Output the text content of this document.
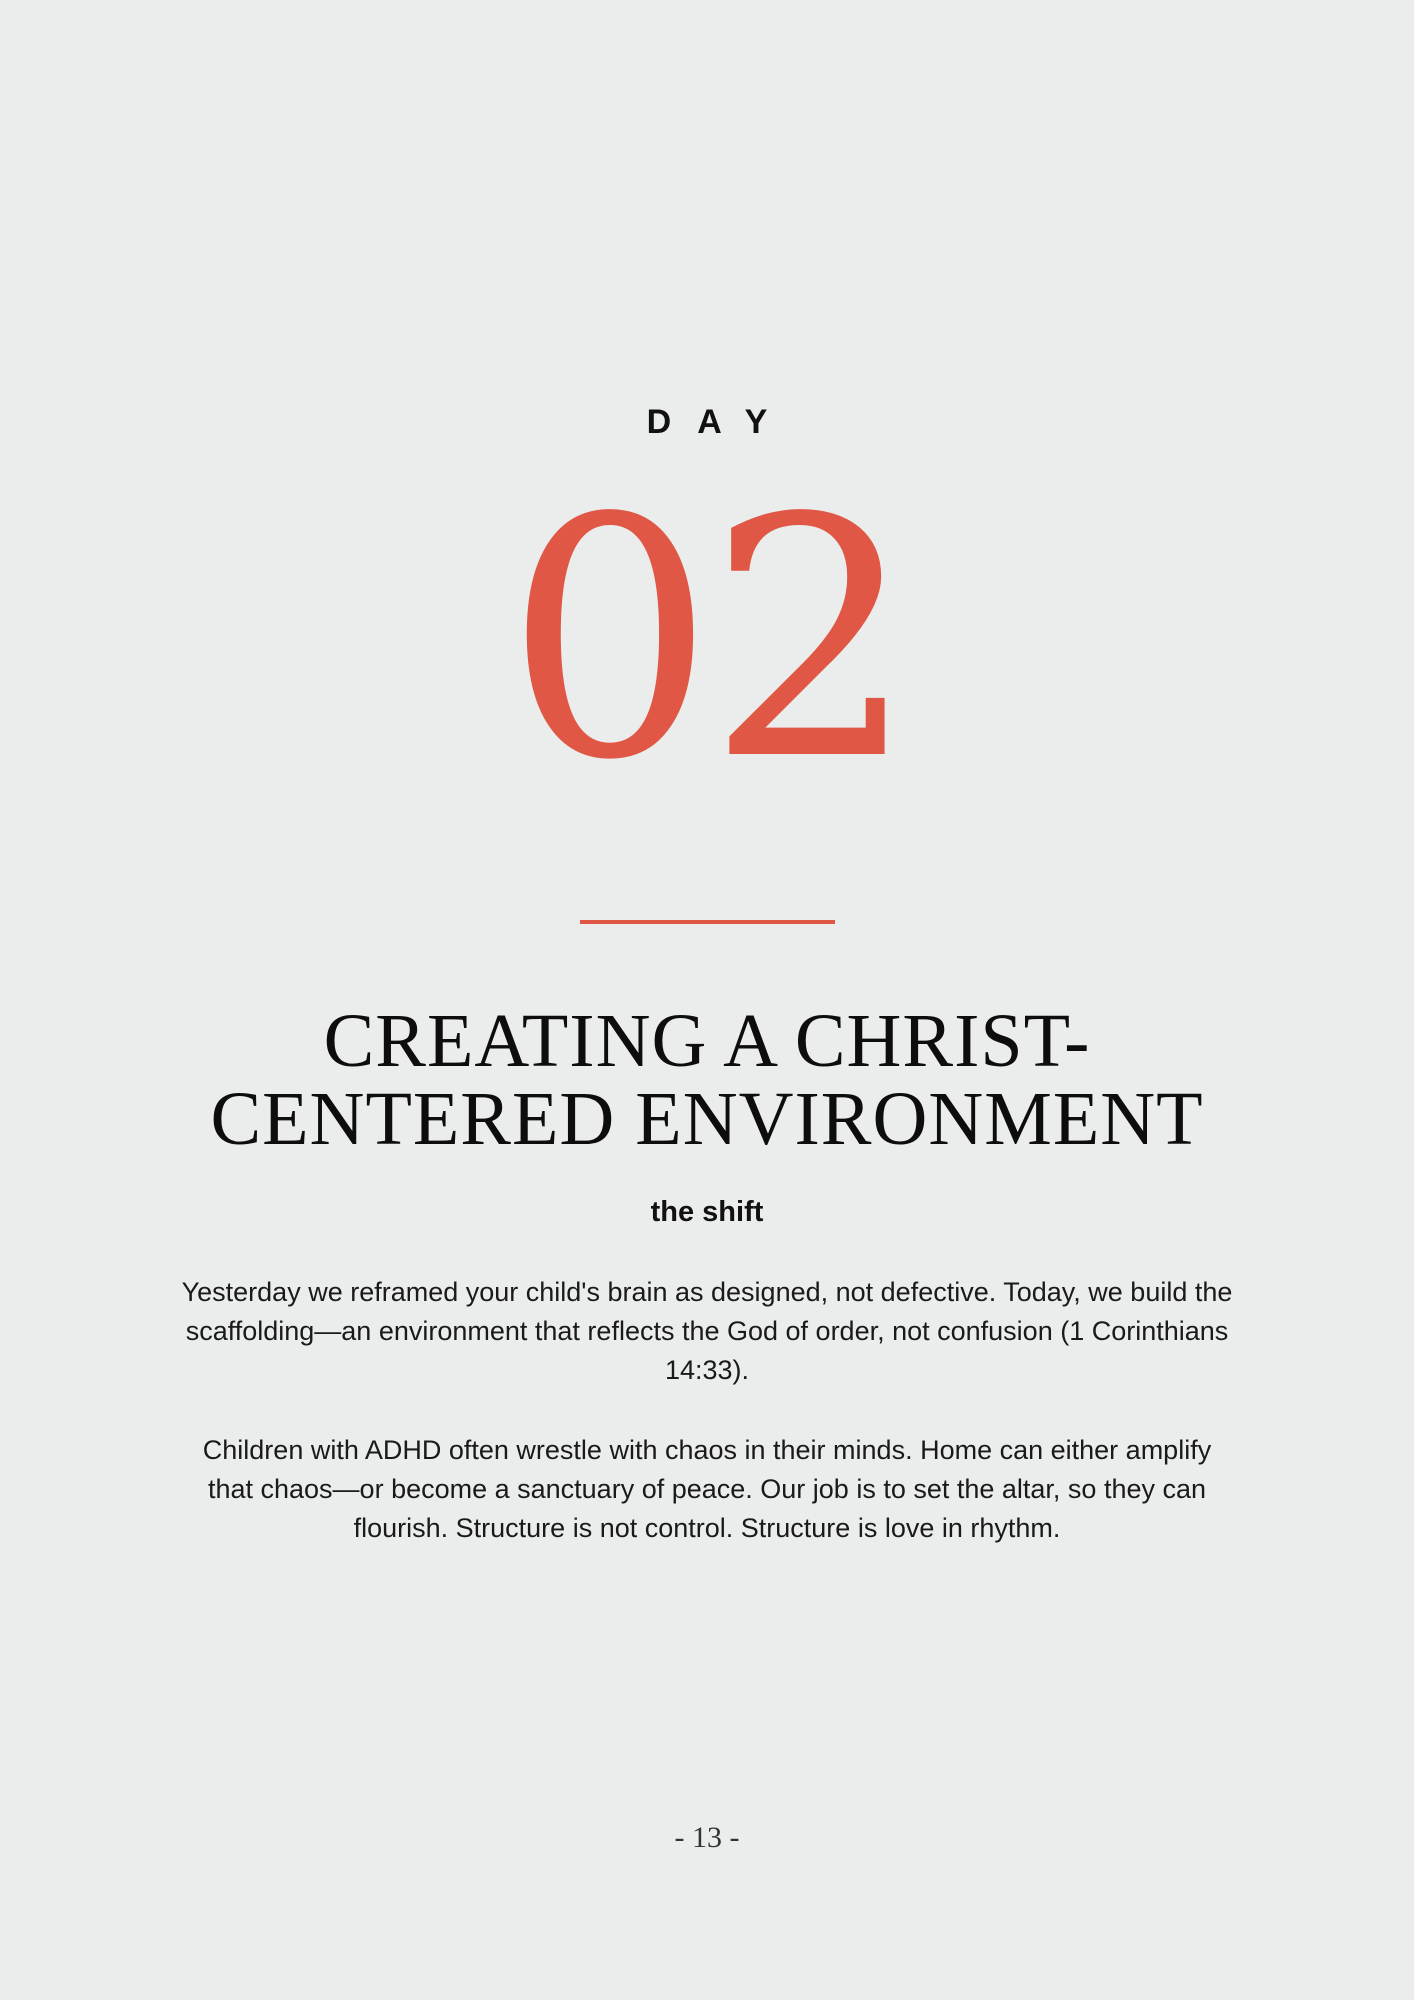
DAY
02
CREATING A CHRIST-
CENTERED ENVIRONMENT
the shift

Yesterday we reframed your child's brain as designed, not defective. Today, we build the scaffolding—an environment that reflects the God of order, not confusion (1 Corinthians 14:33).

Children with ADHD often wrestle with chaos in their minds. Home can either amplify that chaos—or become a sanctuary of peace. Our job is to set the altar, so they can flourish. Structure is not control. Structure is love in rhythm.

- 13 -
